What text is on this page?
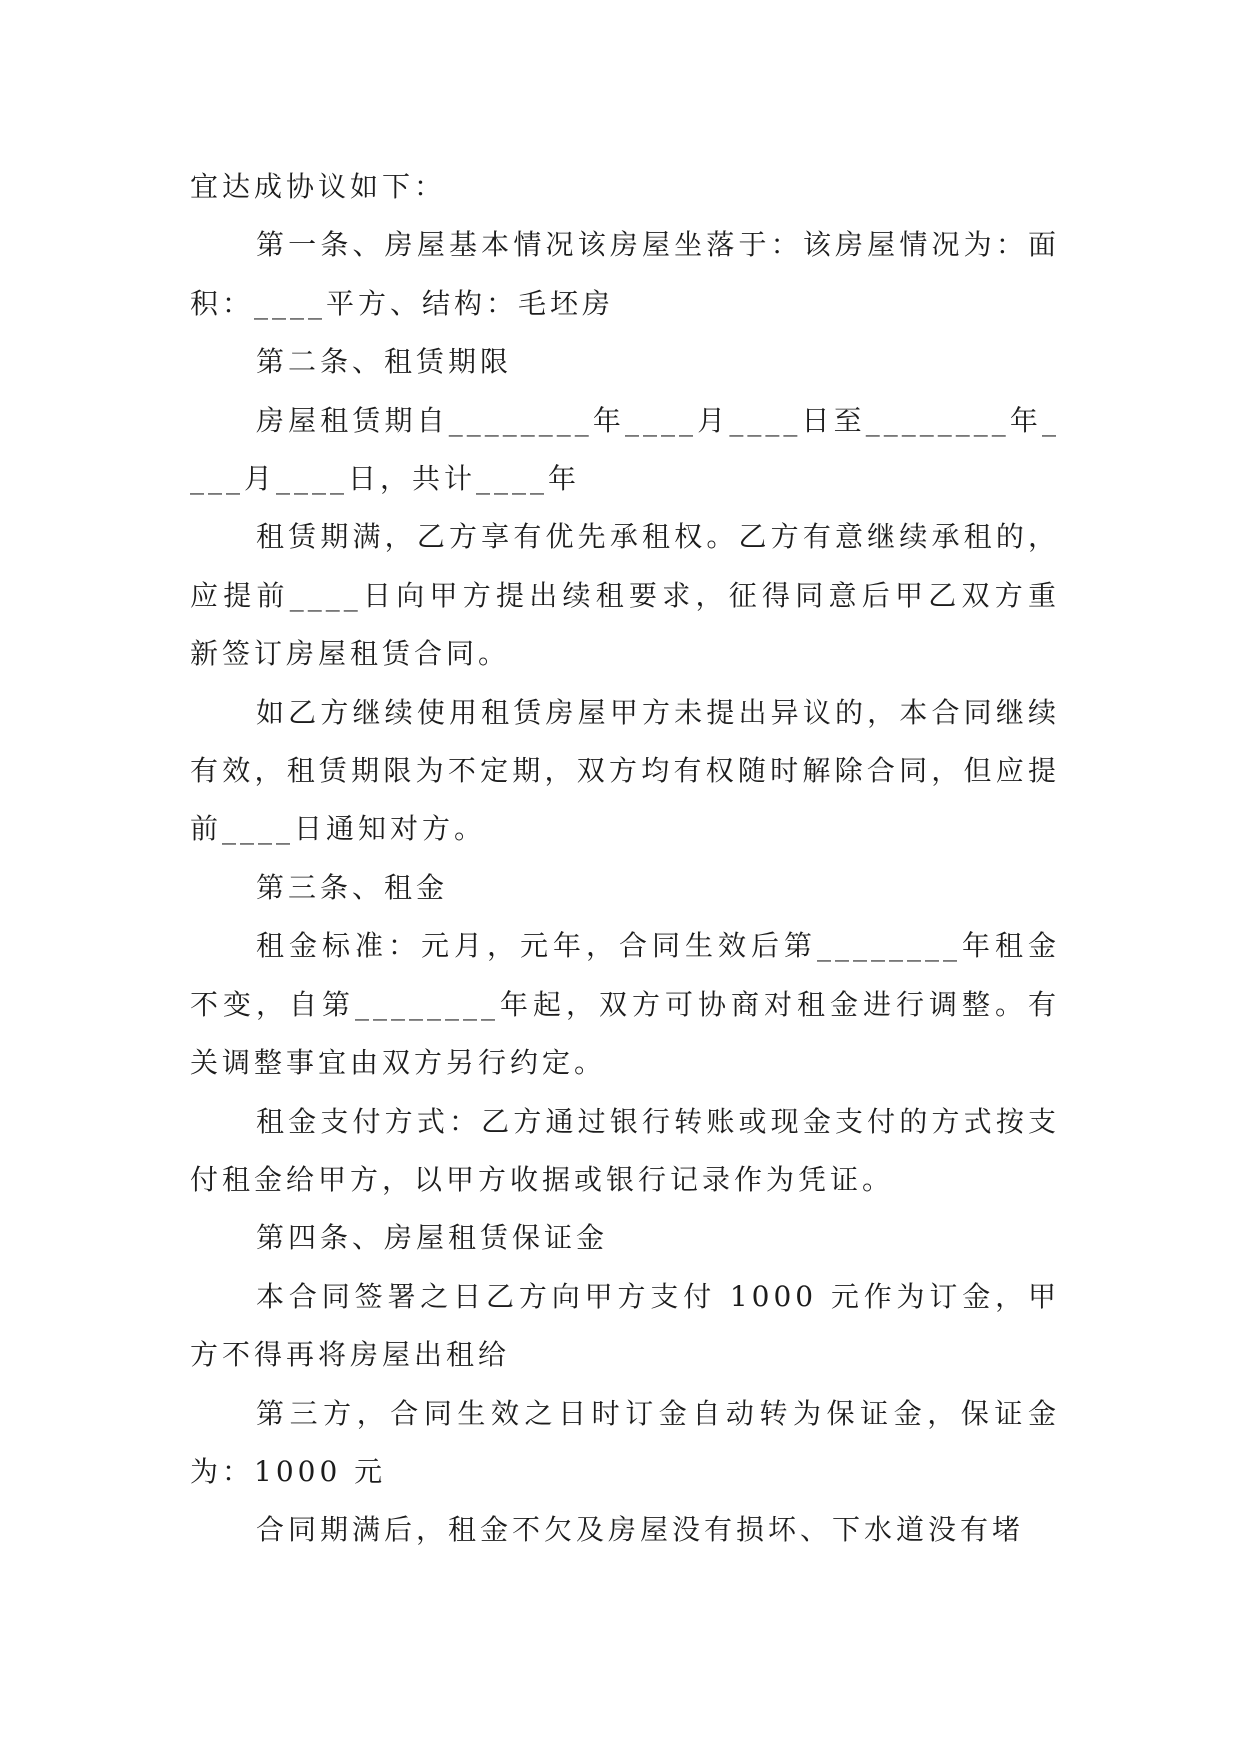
宜达成协议如下：

第一条、房屋基本情况该房屋坐落于：该房屋情况为：面积：____平方、结构：毛坯房

第二条、租赁期限

房屋租赁期自________年____月____日至________年____月____日，共计____年

租赁期满，乙方享有优先承租权。乙方有意继续承租的，应提前____日向甲方提出续租要求，征得同意后甲乙双方重新签订房屋租赁合同。

如乙方继续使用租赁房屋甲方未提出异议的，本合同继续有效，租赁期限为不定期，双方均有权随时解除合同，但应提前____日通知对方。

第三条、租金

租金标准：元月，元年，合同生效后第________年租金不变，自第________年起，双方可协商对租金进行调整。有关调整事宜由双方另行约定。

租金支付方式：乙方通过银行转账或现金支付的方式按支付租金给甲方，以甲方收据或银行记录作为凭证。

第四条、房屋租赁保证金

本合同签署之日乙方向甲方支付 1000 元作为订金，甲方不得再将房屋出租给

第三方，合同生效之日时订金自动转为保证金，保证金为：1000 元

合同期满后，租金不欠及房屋没有损坏、下水道没有堵
